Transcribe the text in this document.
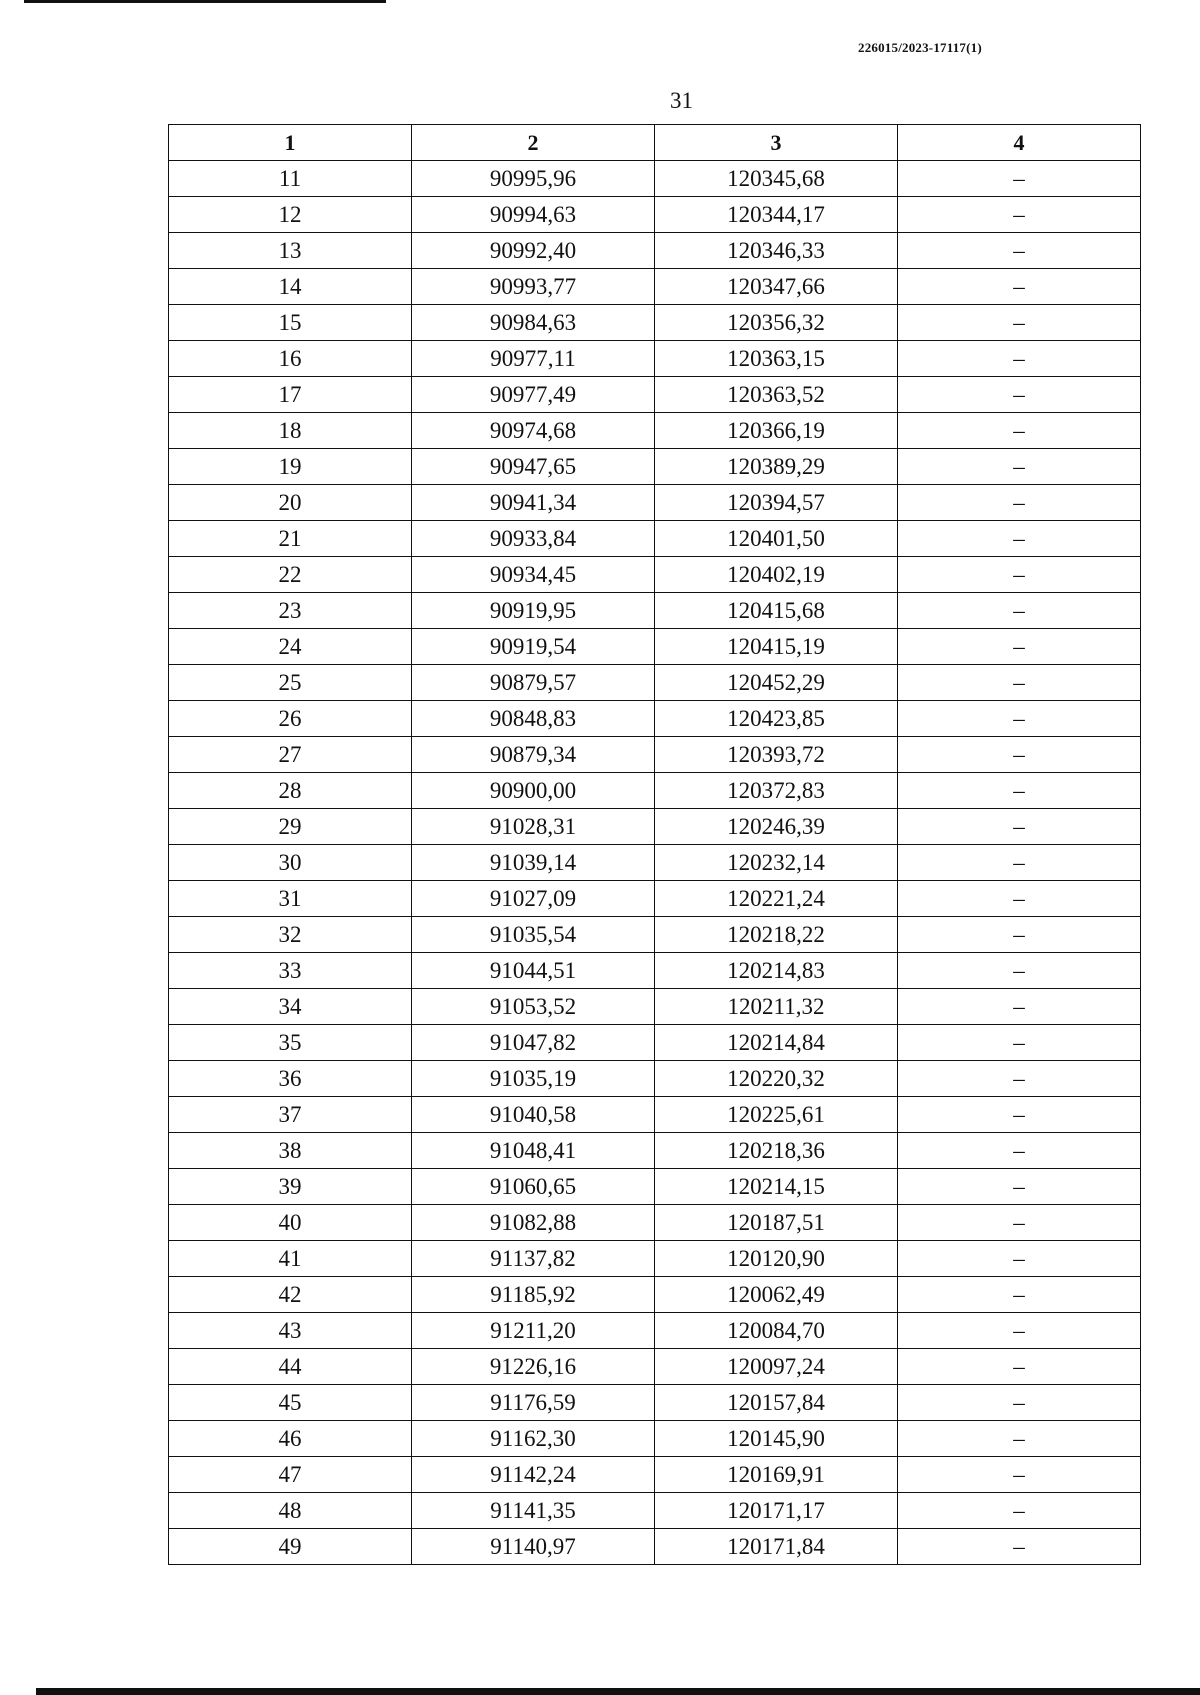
226015/2023-17117(1)
31
1	2	3	4
11	90995,96	120345,68	–
12	90994,63	120344,17	–
13	90992,40	120346,33	–
14	90993,77	120347,66	–
15	90984,63	120356,32	–
16	90977,11	120363,15	–
17	90977,49	120363,52	–
18	90974,68	120366,19	–
19	90947,65	120389,29	–
20	90941,34	120394,57	–
21	90933,84	120401,50	–
22	90934,45	120402,19	–
23	90919,95	120415,68	–
24	90919,54	120415,19	–
25	90879,57	120452,29	–
26	90848,83	120423,85	–
27	90879,34	120393,72	–
28	90900,00	120372,83	–
29	91028,31	120246,39	–
30	91039,14	120232,14	–
31	91027,09	120221,24	–
32	91035,54	120218,22	–
33	91044,51	120214,83	–
34	91053,52	120211,32	–
35	91047,82	120214,84	–
36	91035,19	120220,32	–
37	91040,58	120225,61	–
38	91048,41	120218,36	–
39	91060,65	120214,15	–
40	91082,88	120187,51	–
41	91137,82	120120,90	–
42	91185,92	120062,49	–
43	91211,20	120084,70	–
44	91226,16	120097,24	–
45	91176,59	120157,84	–
46	91162,30	120145,90	–
47	91142,24	120169,91	–
48	91141,35	120171,17	–
49	91140,97	120171,84	–
